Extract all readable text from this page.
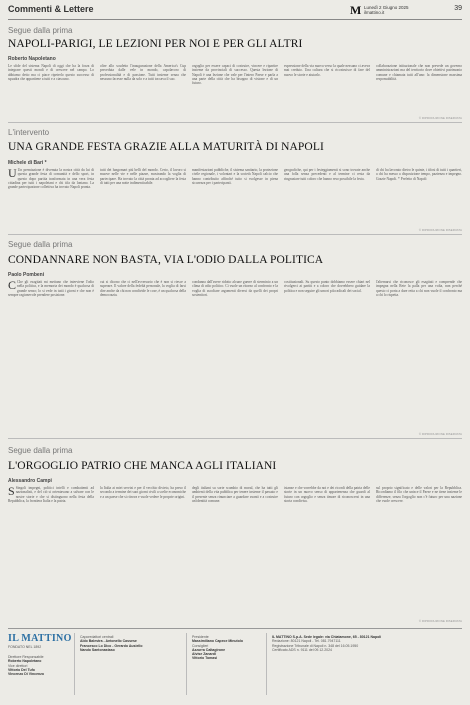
Commenti & Lettere	M Lunedì 2 Giugno 2025
ilmattino.it
39
Segue dalla prima
NAPOLI-PARIGI, LE LEZIONI PER NOI E PER GLI ALTRI
Roberto Napoletano

Le sfide del sistema Napoli di oggi che ha la forza di integrare questi mondi e di crescere nel campo. Lo abbiamo detto ma ci piace ripeterlo questo successo di squadra che appartiene a tutti e a ciascuno.

oltre allo scudetto l'inaugurazione della America's Cup preceduta dalle vele in mondo, capolavoro di professionalità e di passione. Tutti insieme senza che nessuno facesse nulla da solo e a tutti toccava il suo.

orgoglio per essere capaci di costruire, vincere e ripartire insieme da provinciali di successo. Questa lezione di Napoli è una lezione che vale per l'intero Paese e parla a una parte della città che ha bisogno di visione e di un futuro.

espressione della via nuova verso la quale nessuno ci aveva mai creduto. Una cultura che si ricostruisce di fare del nuovo le storie e aiutarlo.

collaborazione istituzionale che non prevede un governo amministrazioni ma del territorio dove obiettivi patrimonio comune e chiamata tutti all'uno: la dimensione massima responsabilità.

© RIPRODUZIONE RISERVATA
L'intervento
UNA GRANDE FESTA GRAZIE ALLA MATURITÀ DI NAPOLI
Michele di Bari *
U Un premiazione è divenuta la nostra città da lui di questa grande festa di comunità e dello sport, in questo dopo partita trasformata in una vera festa cittadina per tutti i napoletani e chi tifa da lontano. La grande partecipazione collettiva ha trovato Napoli pronta.

tutti dei lungomari più belli del mondo. Certo, il lavoro si muove nelle vie e nelle piazze, mostrando la voglia di partecipare. Ha trovato la città pronta ad accogliere la festa di tutti per una notte indimenticabile.

manifestazioni pubbliche, il sistema sanitario, la protezione civile regionale, i volontari e la società Napoli calcio che hanno contribuito affinché tutto si svolgesse in piena sicurezza per i partecipanti.

geografiche, qui per i festeggiamenti si sono trovate anche una folla senza precedenti e al termine ci resta da ringraziare tutti coloro che hanno reso possibile la festa.

di chi ha lavorato dietro le quinte, i tifosi di tutti i quartieri, a chi ha messo a disposizione tempo, pazienza e impegno. Grazie Napoli. * Prefetto di Napoli

© RIPRODUZIONE RISERVATA
Segue dalla prima
CONDANNARE NON BASTA, VIA L'ODIO DALLA POLITICA
Paolo Pombeni
C Che gli esagitati mi mettano che interviene l'odio nella politica, e la memoria dei mondo è qualcosa di grande senso; lo si vede in tutti i giorni e che non è sempre ragionevole prendere posizione.

cui si dicono che ci nell'avversario che è non si riesce a superare. Il valore della fedeltà personale, la voglia di farsi dire anche da chi non condivide le cose, è un qualcosa della democrazia.

condanna dall'avere ridotto alcune guerre di sterminio a un clima di odio politico. Ci vuole un ritorno al confronto e la voglia di ascoltare argomenti diversi da quelli dei propri sostenitori.

costituzionali. Su questo punto dobbiamo essere chiari nel rivolgerci ai partiti e a coloro che dovrebbero guidare la politica e non seguire gli umori più radicali dei social.

l'alternarsi che riconosce gli esagitati e comprende che impegna nella Rete la palla per una volta, non perché questo ci porta a dare retta a chi non vuole il confronto ma a chi lo rispetta.

© RIPRODUZIONE RISERVATA
Segue dalla prima
L'ORGOGLIO PATRIO CHE MANCA AGLI ITALIANI
Alessandro Campi
S Singoli impegni, politici intelli e combattenti ad nazionalisti, e del ciò si orientavano a salvare con le nostre storie e che si distinguono nella festa della Repubblica, la frontiera Italia e la patria.

la Italia ai miei servizi e per il vecchio divieto, ha preso il secondo a termine dei suoi giorni civili a scelte economiche e a un paese che si ritrova e vuole vedere le proprie origini.

degli italiani su sorte scambio di moral, che ha tutti gli ambienti della vita pubblica per tenere insieme il passato e il presente senza rinunciare a guardare avanti e a costruire un'identità comune.

istanze e che vorrebbe da noi e dei ricordi della patria delle storie in un nuovo senso di appartenenza che guardi al futuro con orgoglio e senza timore di riconoscersi in una storia condivisa.

sul proprio significato e delle valori per la Repubblica. Ricordiamo il filo che unisce il Paese e ne tiene insieme le differenze, senza l'orgoglio non c'è futuro per una nazione che vuole crescere.

© RIPRODUZIONE RISERVATA
IL MATTINO
FONDATO NEL 1892
Direttore Responsabile
Roberto Napoletano
Vice direttori
Vittorio Del Tufo
Vincenzo Di Vincenzo
Caporedattori centrali
Aldo Balestra - Antonello Cassese
Francesco Lo Dico - Gerardo Ausiello
Nando Santonastaso
Presidente
Massimiliano Capece Minutolo
Consiglieri
Azzurra Caltagirone
Alvise Zanardi
Vittorio Tomasi
IL MATTINO S.p.A. Sede legale: via Chiatamone, 65 - 80121 Napoli
Redazione: 80121 Napoli - Tel. 081.7947111
Registrazione Tribunale di Napoli n. 348 del 16.05.1950
Certificato ADS n. 9111 del 09.12.2024
